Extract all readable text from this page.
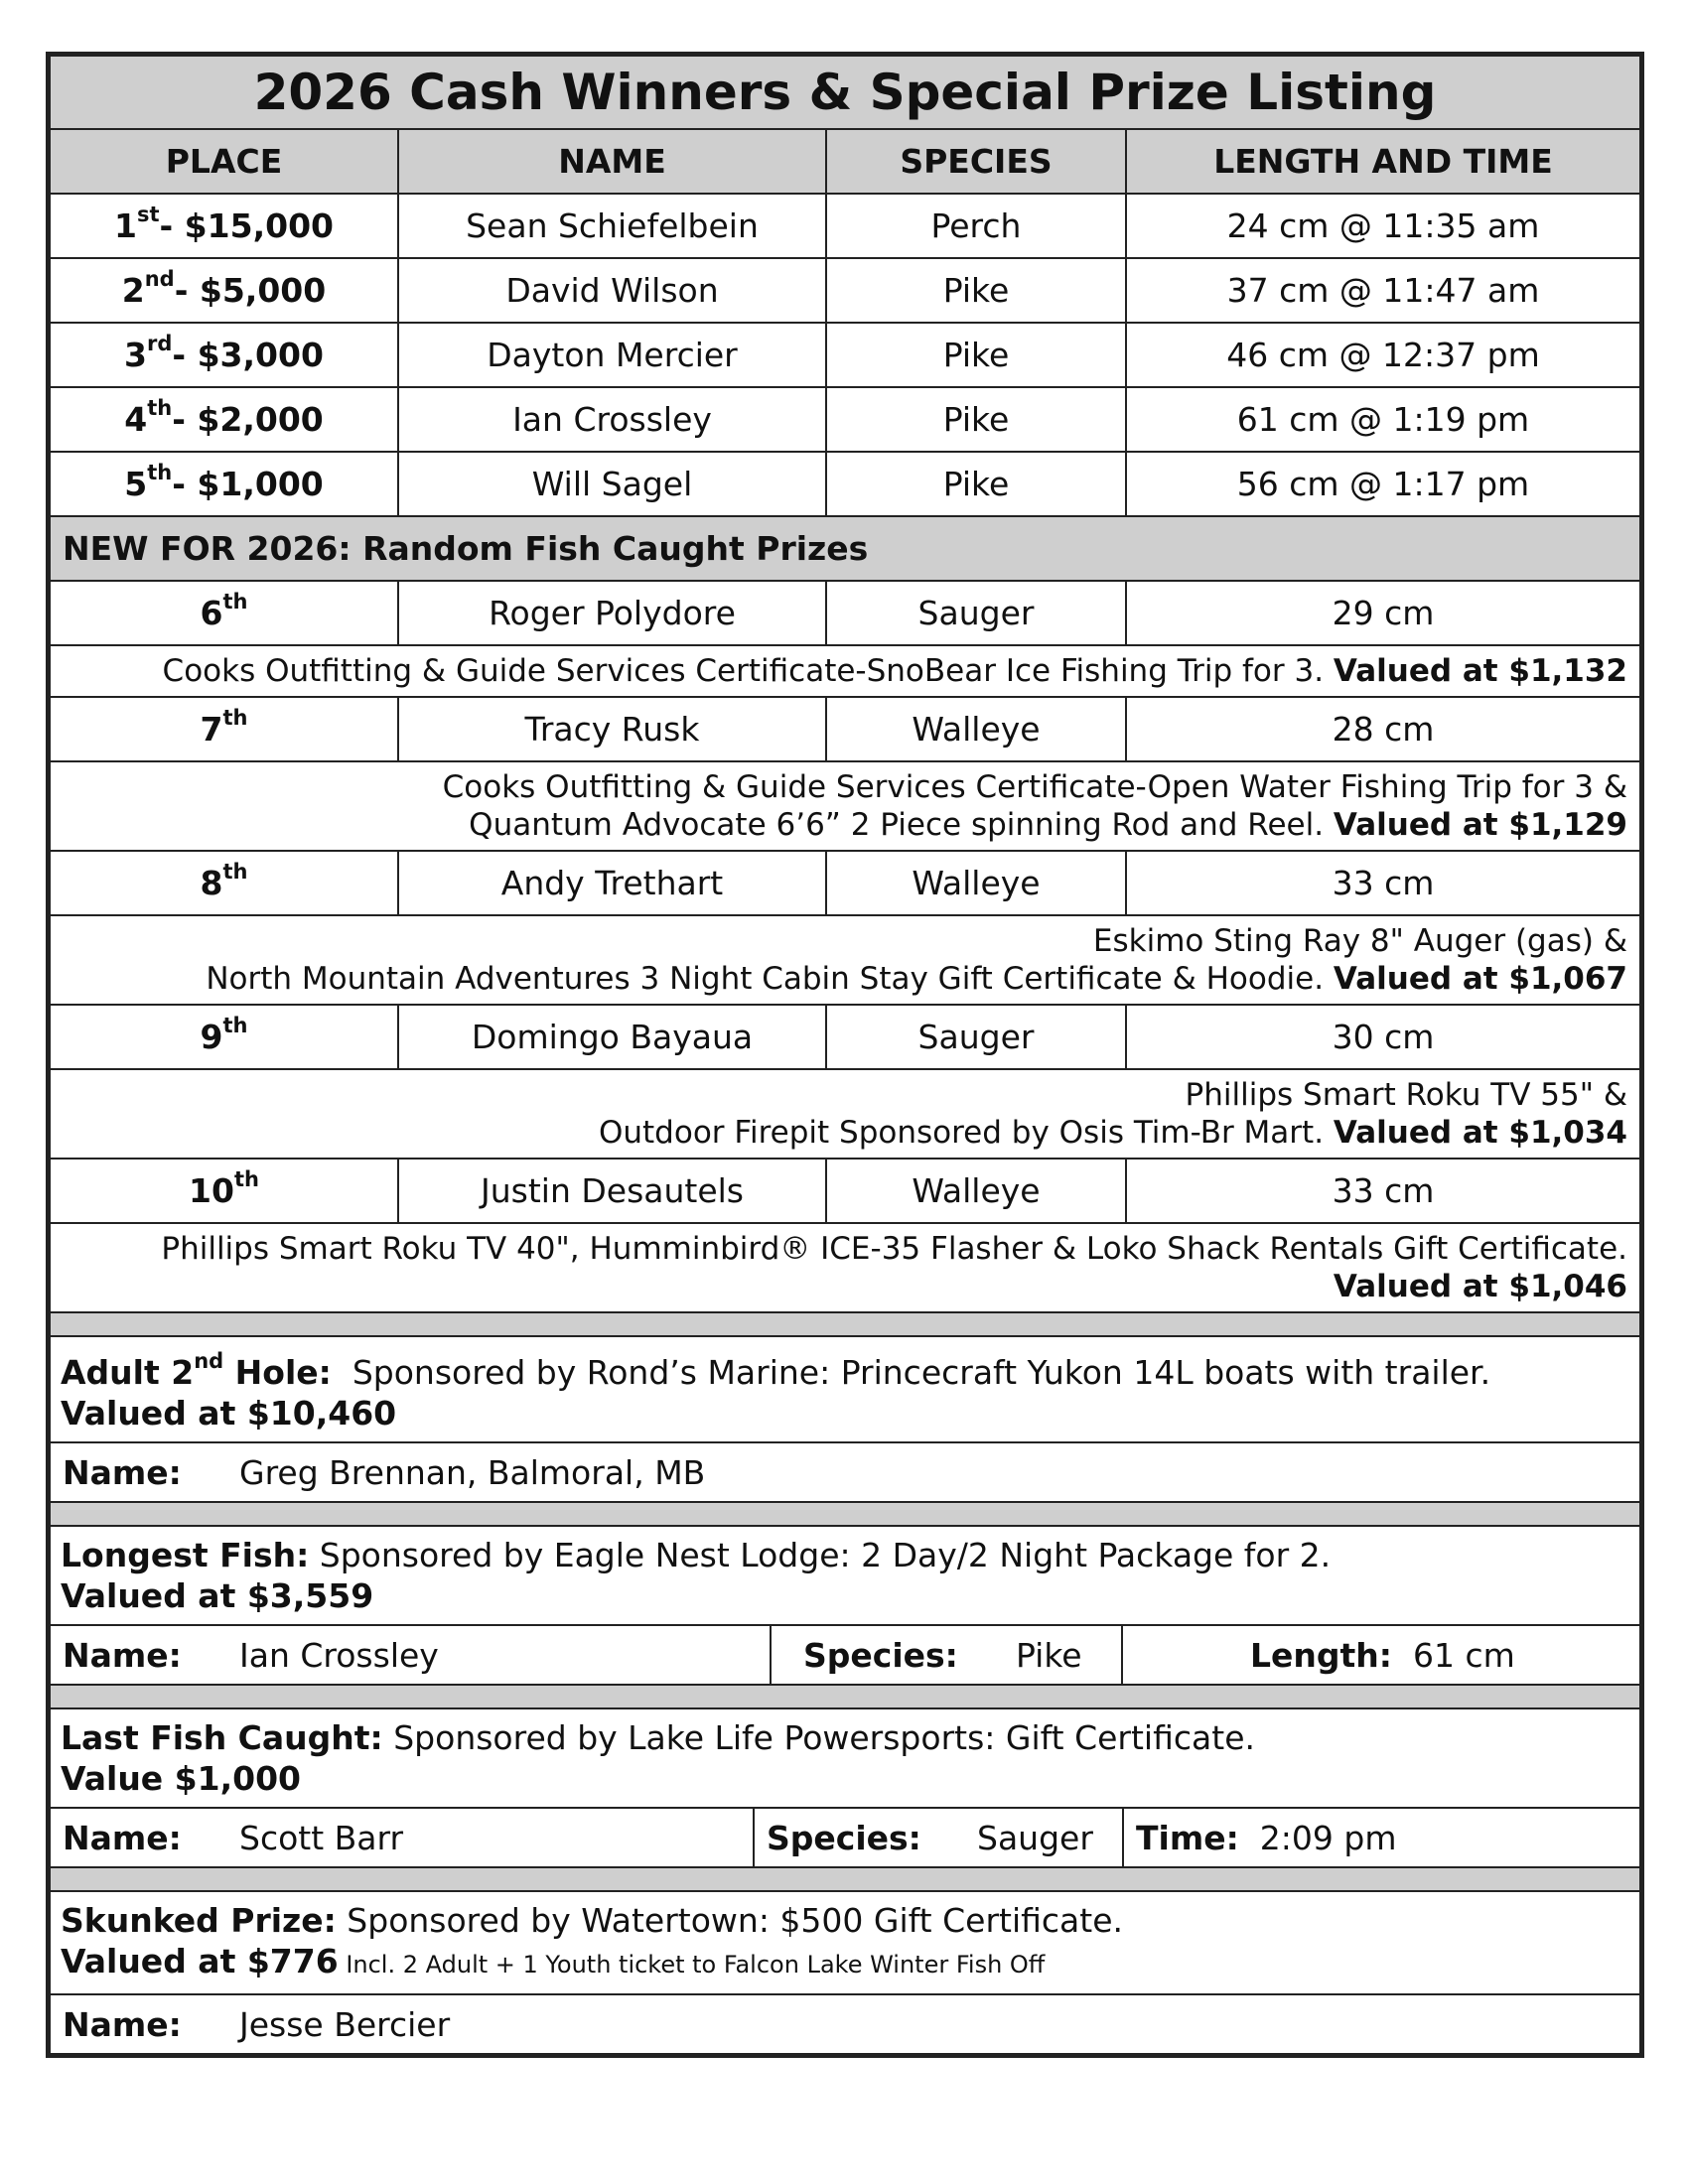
2026 Cash Winners & Special Prize Listing			
PLACE	NAME	SPECIES	LENGTH AND TIME
1st- $15,000	Sean Schiefelbein	Perch	24 cm @ 11:35 am
2nd- $5,000	David Wilson	Pike	37 cm @ 11:47 am
3rd- $3,000	Dayton Mercier	Pike	46 cm @ 12:37 pm
4th- $2,000	Ian Crossley	Pike	61 cm @ 1:19 pm
5th- $1,000	Will Sagel	Pike	56 cm @ 1:17 pm
NEW FOR 2026: Random Fish Caught Prizes			
6th	Roger Polydore	Sauger	29 cm
Cooks Outfitting & Guide Services Certificate-SnoBear Ice Fishing Trip for 3. Valued at $1,132			
7th	Tracy Rusk	Walleye	28 cm
Cooks Outfitting & Guide Services Certificate-Open Water Fishing Trip for 3 &
Quantum Advocate 6’6” 2 Piece spinning Rod and Reel. Valued at $1,129			
8th	Andy Trethart	Walleye	33 cm
Eskimo Sting Ray 8" Auger (gas) &
North Mountain Adventures 3 Night Cabin Stay Gift Certificate & Hoodie. Valued at $1,067			
9th	Domingo Bayaua	Sauger	30 cm
Phillips Smart Roku TV 55" &
Outdoor Firepit Sponsored by Osis Tim-Br Mart. Valued at $1,034			
10th	Justin Desautels	Walleye	33 cm
Phillips Smart Roku TV 40", Humminbird® ICE-35 Flasher & Loko Shack Rentals Gift Certificate.
Valued at $1,046			

Adult 2nd Hole: Sponsored by Rond’s Marine: Princecraft Yukon 14L boats with trailer.
Valued at $10,460
Name: Greg Brennan, Balmoral, MB

Longest Fish: Sponsored by Eagle Nest Lodge: 2 Day/2 Night Package for 2.
Valued at $3,559
Name: Ian Crossley	Species: Pike	Length: 61 cm

Last Fish Caught: Sponsored by Lake Life Powersports: Gift Certificate.
Value $1,000
Name: Scott Barr	Species: Sauger	Time: 2:09 pm

Skunked Prize: Sponsored by Watertown: $500 Gift Certificate.
Valued at $776 Incl. 2 Adult + 1 Youth ticket to Falcon Lake Winter Fish Off
Name: Jesse Bercier
